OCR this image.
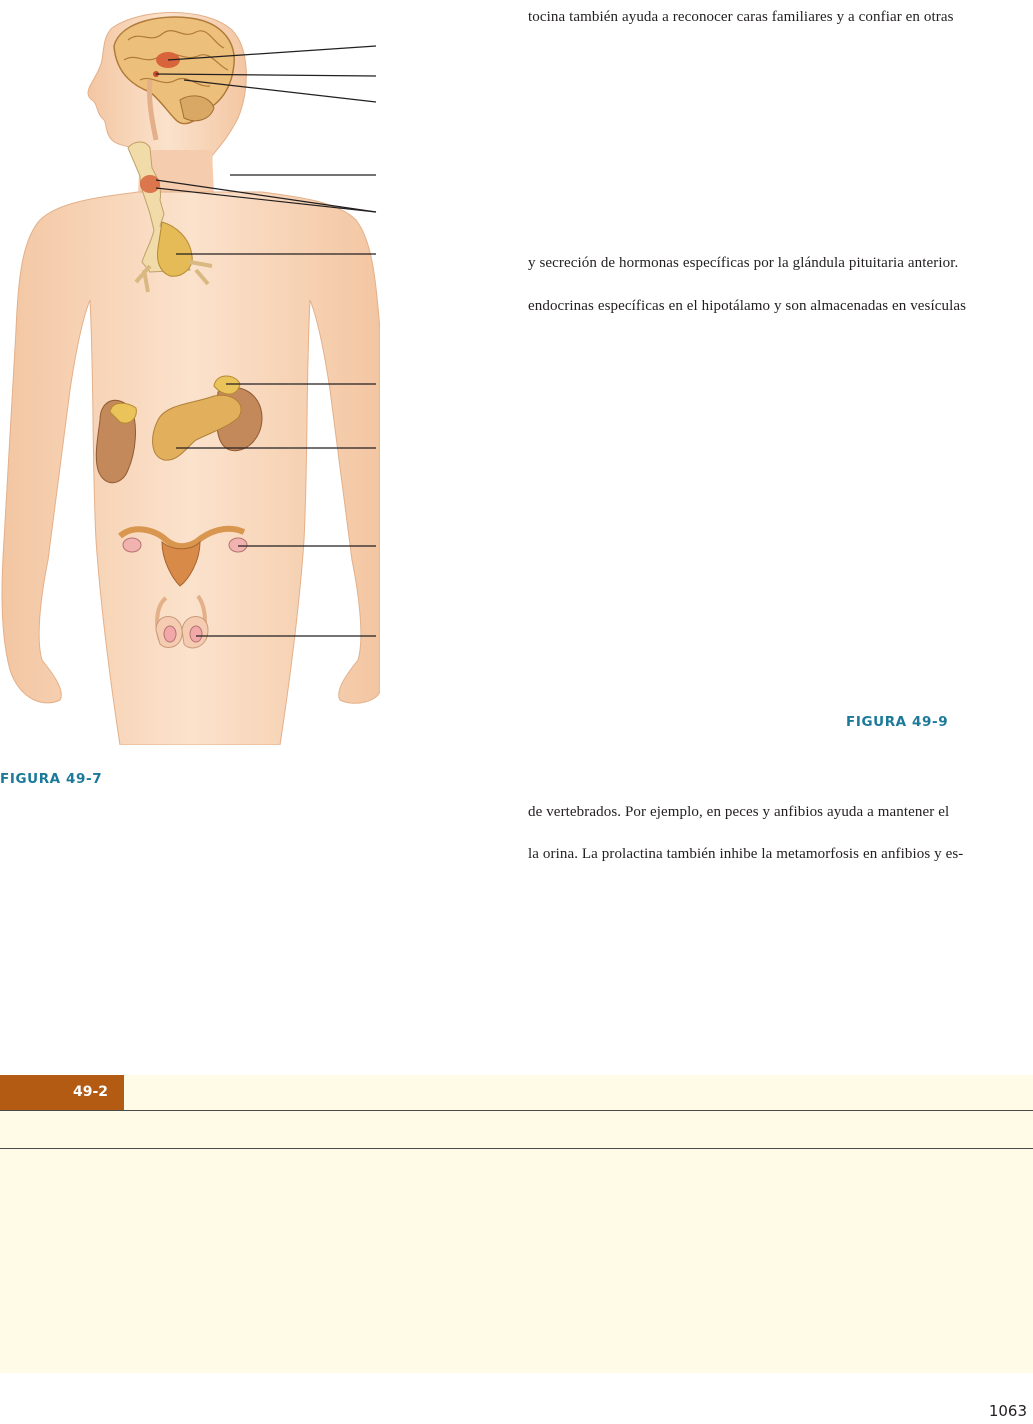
tocina también ayuda a reconocer caras familiares y a confiar en otras
y secreción de hormonas específicas por la glándula pituitaria anterior.
endocrinas específicas en el hipotálamo y son almacenadas en vesículas
de vertebrados. Por ejemplo, en peces y anfibios ayuda a mantener el
la orina. La prolactina también inhibe la metamorfosis en anfibios y es-
FIGURA 49-7
FIGURA 49-9
49-2
1063
